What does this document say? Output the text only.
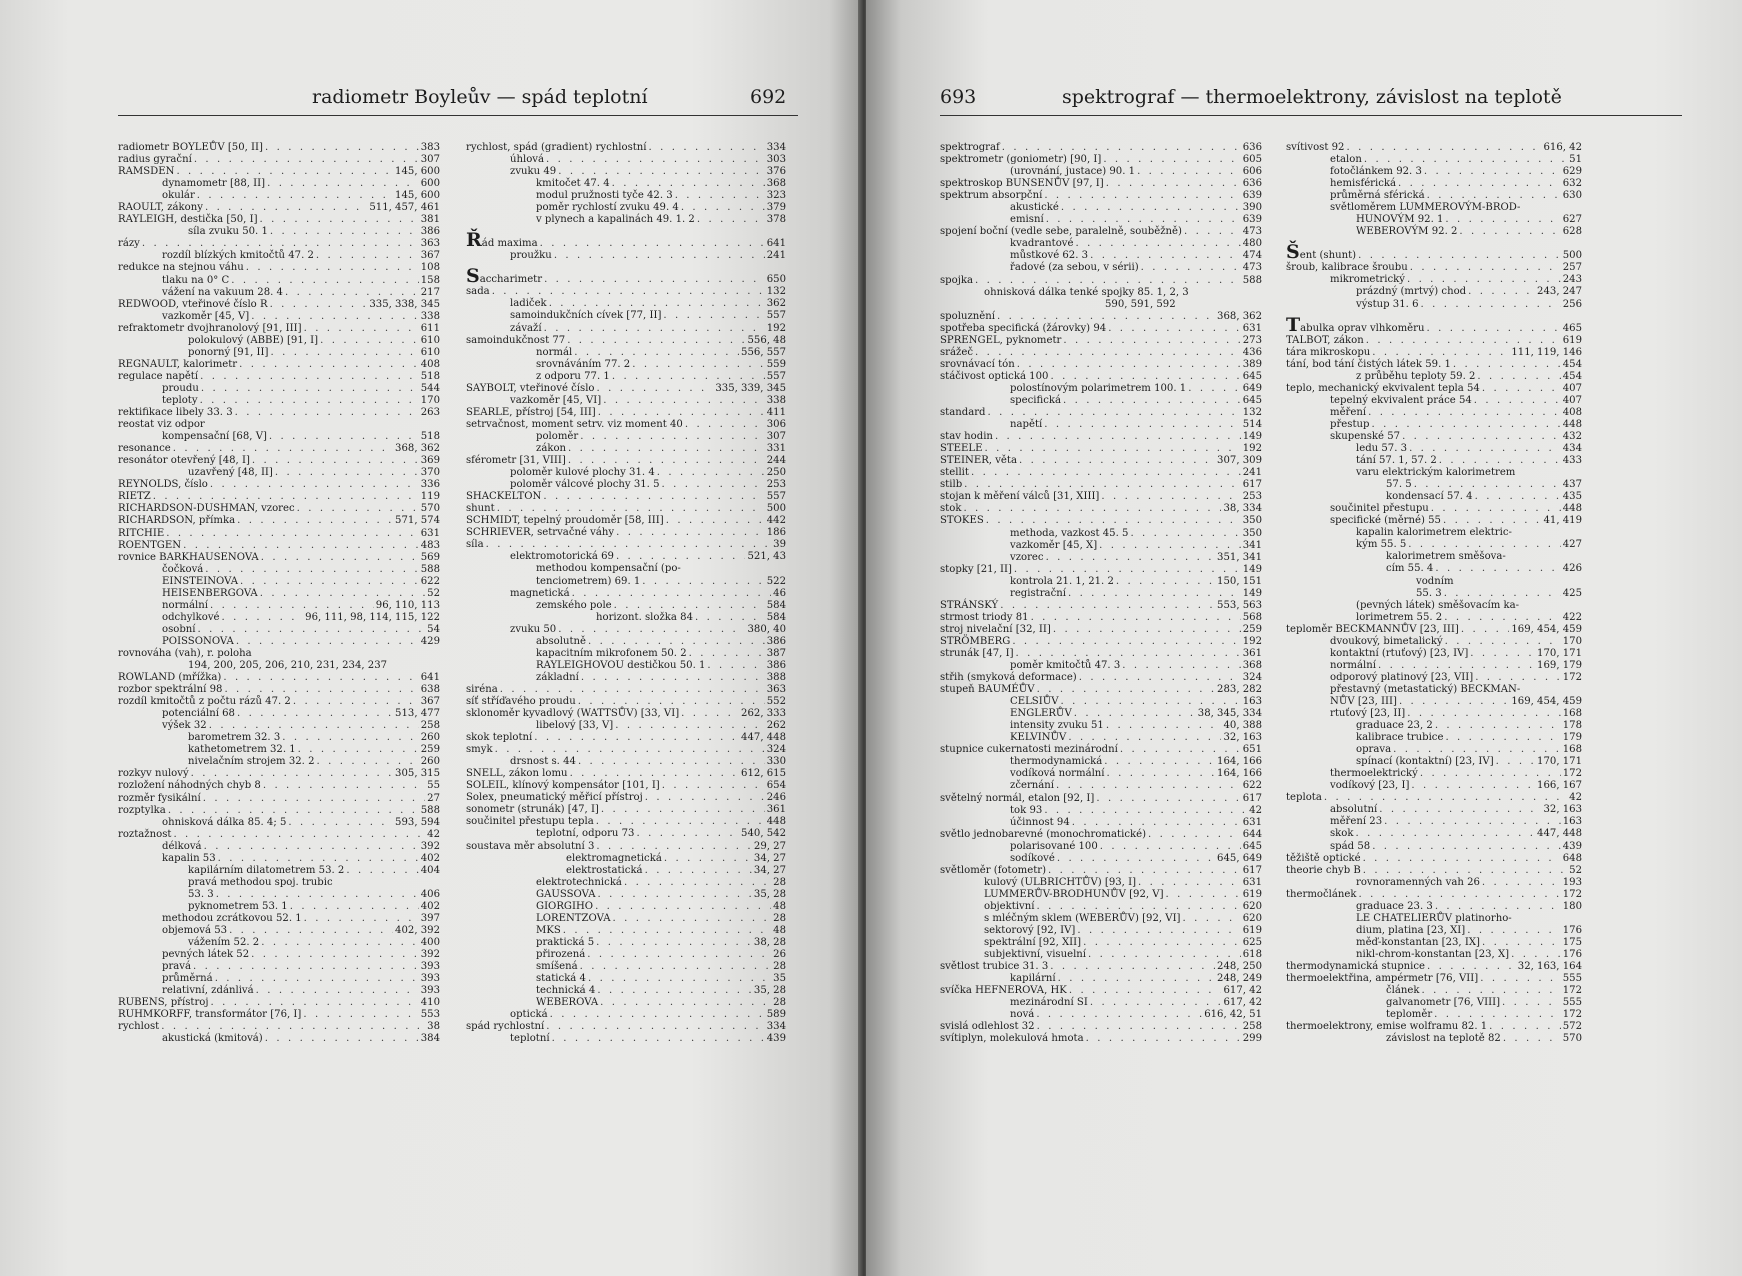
radiometr Boyleův — spád teplotní	692
radiometr BOYLEŮV [50, II] . . .	383
radius gyrační . . .	307
RAMSDEN . . .	145, 600
dynamometr [88, II] . . .	600
okulár . . .	145, 600
RAOULT, zákony . . .	511, 457, 461
RAYLEIGH, destička [50, I] . . .	381
síla zvuku 50. 1 . . .	386
rázy . . .	363
rozdíl blízkých kmitočtů 47. 2 . . .	367
redukce na stejnou váhu . . .	108
tlaku na 0° C . . .	158
vážení na vakuum 28. 4 . . .	217
REDWOOD, vteřinové číslo R . . .	335, 338, 345
vazkoměr [45, V] . . .	338
refraktometr dvojhranolový [91, III] . . .	611
polokulový (ABBE) [91, I] . . .	610
ponorný [91, II] . . .	610
REGNAULT, kalorimetr . . .	408
regulace napětí . . .	518
proudu . . .	544
teploty . . .	170
rektifikace libely 33. 3 . . .	263
reostat viz odpor
kompensační [68, V] . . .	518
resonance . . .	368, 362
resonátor otevřený [48, I] . . .	369
uzavřený [48, II] . . .	370
REYNOLDS, číslo . . .	336
RIETZ . . .	119
RICHARDSON-DUSHMAN, vzorec . . .	570
RICHARDSON, přímka . . .	571, 574
RITCHIE . . .	631
ROENTGEN . . .	483
rovnice BARKHAUSENOVA . . .	569
čočková . . .	588
EINSTEINOVA . . .	622
HEISENBERGOVA . . .	52
normální . . .	96, 110, 113
odchylkové . . .	96, 111, 98, 114, 115, 122
osobní . . .	54
POISSONOVA . . .	429
rovnováha (vah), r. poloha
194, 200, 205, 206, 210, 231, 234, 237
ROWLAND (mřížka) . . .	641
rozbor spektrální 98 . . .	638
rozdíl kmitočtů z počtu rázů 47. 2 . . .	367
potenciální 68 . . .	513, 477
výšek 32 . . .	258
barometrem 32. 3 . . .	260
kathetometrem 32. 1 . . .	259
nivelačním strojem 32. 2 . . .	260
rozkyv nulový . . .	305, 315
rozložení náhodných chyb 8 . . .	55
rozměr fysikální . . .	27
rozptylka . . .	588
ohnisková dálka 85. 4; 5 . . .	593, 594
roztažnost . . .	42
délková . . .	392
kapalin 53 . . .	402
kapilárním dilatometrem 53. 2 . . .	404
pravá methodou spoj. trubic
53. 3 . . .	406
pyknometrem 53. 1 . . .	402
methodou zcrátkovou 52. 1 . . .	397
objemová 53 . . .	402, 392
vážením 52. 2 . . .	400
pevných látek 52 . . .	392
pravá . . .	393
průměrná . . .	393
relativní, zdánlivá . . .	393
RUBENS, přístroj . . .	410
RUHMKORFF, transformátor [76, I] . . .	553
rychlost . . .	38
akustická (kmitová) . . .	384
rychlost, spád (gradient) rychlostní . . .	334
úhlová . . .	303
zvuku 49 . . .	376
kmitočet 47. 4 . . .	368
modul pružnosti tyče 42. 3 . . .	323
poměr rychlostí zvuku 49. 4 . . .	379
v plynech a kapalinách 49. 1. 2 . . .	378
Řád maxima . . .	641
proužku . . .	241
Saccharimetr . . .	650
sada . . .	132
ladiček . . .	362
samoindukčních cívek [77, II] . . .	557
závaží . . .	192
samoindukčnost 77 . . .	556, 48
normál . . .	556, 557
srovnáváním 77. 2 . . .	559
z odporu 77. 1 . . .	557
SAYBOLT, vteřinové číslo . . .	335, 339, 345
vazkoměr [45, VI] . . .	338
SEARLE, přístroj [54, III] . . .	411
setrvačnost, moment setrv. viz moment 40 . . .	306
poloměr . . .	307
zákon . . .	331
sférometr [31, VIII] . . .	244
poloměr kulové plochy 31. 4 . . .	250
poloměr válcové plochy 31. 5 . . .	253
SHACKELTON . . .	557
shunt . . .	500
SCHMIDT, tepelný proudoměr [58, III] . . .	442
SCHRIEVER, setrvačné váhy . . .	186
síla . . .	39
elektromotorická 69 . . .	521, 43
methodou kompensační (po-
tenciometrem) 69. 1 . . .	522
magnetická . . .	46
zemského pole . . .	584
horizont. složka 84 . . .	584
zvuku 50 . . .	380, 40
absolutně . . .	386
kapacitním mikrofonem 50. 2 . . .	387
RAYLEIGHOVOU destičkou 50. 1 . . .	386
základní . . .	388
siréna . . .	363
síť stříďavého proudu . . .	552
sklonoměr kyvadlový (WATTSŮV) [33, VI] . . .	262, 333
libelový [33, V] . . .	262
skok teplotní . . .	447, 448
smyk . . .	324
drsnost s. 44 . . .	330
SNELL, zákon lomu . . .	612, 615
SOLEIL, klínový kompensátor [101, I] . . .	654
Solex, pneumatický měřicí přístroj . . .	246
sonometr (strunák) [47, I] . . .	361
součinitel přestupu tepla . . .	448
teplotní, odporu 73 . . .	540, 542
soustava měr absolutní 3 . . .	29, 27
elektromagnetická . . .	34, 27
elektrostatická . . .	34, 27
elektrotechnická . . .	28
GAUSSOVA . . .	35, 28
GIORGIHO . . .	48
LORENTZOVA . . .	28
MKS . . .	48
praktická 5 . . .	38, 28
přirozená . . .	26
smíšená . . .	28
statická 4 . . .	35
technická 4 . . .	35, 28
WEBEROVA . . .	28
optická . . .	589
spád rychlostní . . .	334
teplotní . . .	439
693	spektrograf — thermoelektrony, závislost na teplotě
spektrograf . . .	636
spektrometr (goniometr) [90, I] . . .	605
(urovnání, justace) 90. 1 . . .	606
spektroskop BUNSENŮV [97, I] . . .	636
spektrum absorpční . . .	639
akustické . . .	390
emisní . . .	639
spojení boční (vedle sebe, paralelně, souběžně) . . .	473
kvadrantové . . .	480
můstkové 62. 3 . . .	474
řadové (za sebou, v sérii) . . .	473
spojka . . .	588
ohnisková dálka tenké spojky 85. 1, 2, 3
590, 591, 592
spoluznění . . .	368, 362
spotřeba specifická (žárovky) 94 . . .	631
SPRENGEL, pyknometr . . .	273
srážeč . . .	436
srovnávací tón . . .	389
stáčivost optická 100 . . .	645
polostínovým polarimetrem 100. 1 . . .	649
specifická . . .	645
standard . . .	132
napětí . . .	514
stav hodin . . .	149
STEELE . . .	192
STEINER, věta . . .	307, 309
stellit . . .	241
stilb . . .	617
stojan k měření válců [31, XIII] . . .	253
stok . . .	38, 334
STOKES . . .	350
methoda, vazkost 45. 5 . . .	350
vazkoměr [45, X] . . .	341
vzorec . . .	351, 341
stopky [21, II] . . .	149
kontrola 21. 1, 21. 2 . . .	150, 151
registrační . . .	149
STRÁNSKÝ . . .	553, 563
strmost triody 81 . . .	568
stroj nivelační [32, II] . . .	259
STRÖMBERG . . .	192
strunák [47, I] . . .	361
poměr kmitočtů 47. 3 . . .	368
střih (smyková deformace) . . .	324
stupeň BAUMÉŮV . . .	283, 282
CELSIŮV . . .	163
ENGLERŮV . . .	38, 345, 334
intensity zvuku 51 . . .	40, 388
KELVINŮV . . .	32, 163
stupnice cukernatosti mezinárodní . . .	651
thermodynamická . . .	164, 166
vodíková normální . . .	164, 166
zčernání . . .	622
světelný normál, etalon [92, I] . . .	617
tok 93 . . .	42
účinnost 94 . . .	631
světlo jednobarevné (monochromatické) . . .	644
polarisované 100 . . .	645
sodíkové . . .	645, 649
světloměr (fotometr) . . .	617
kulový (ULBRICHTŮV) [93, I] . . .	631
LUMMERŮV-BRODHUNŮV [92, V] . . .	619
objektivní . . .	620
s mléčným sklem (WEBERŮV) [92, VI] . . .	620
sektorový [92, IV] . . .	619
spektrální [92, XII] . . .	625
subjektivní, visuelní . . .	618
světlost trubice 31. 3 . . .	248, 250
kapilární . . .	248, 249
svíčka HEFNEROVA, HK . . .	617, 42
mezinárodní SI . . .	617, 42
nová . . .	616, 42, 51
svislá odlehlost 32 . . .	258
svítiplyn, molekulová hmota . . .	299
svítivost 92 . . .	616, 42
etalon . . .	51
fotočlánkem 92. 3 . . .	629
hemisférická . . .	632
průměrná sférická . . .	630
světloměrem LUMMEROVÝM-BROD-
HUNOVÝM 92. 1 . . .	627
WEBEROVÝM 92. 2 . . .	628
Šent (shunt) . . .	500
šroub, kalibrace šroubu . . .	257
mikrometrický . . .	243
prázdný (mrtvý) chod . . .	243, 247
výstup 31. 6 . . .	256
Tabulka oprav vlhkoměru . . .	465
TALBOT, zákon . . .	619
tára mikroskopu . . .	111, 119, 146
tání, bod tání čistých látek 59. 1 . . .	454
z průběhu teploty 59. 2 . . .	454
teplo, mechanický ekvivalent tepla 54 . . .	407
tepelný ekvivalent práce 54 . . .	407
měření . . .	408
přestup . . .	448
skupenské 57 . . .	432
ledu 57. 3 . . .	434
tání 57. 1, 57. 2 . . .	433
varu elektrickým kalorimetrem
57. 5 . . .	437
kondensací 57. 4 . . .	435
součinitel přestupu . . .	448
specifické (měrné) 55 . . .	41, 419
kapalin kalorimetrem elektric-
kým 55. 5 . . .	427
kalorimetrem směšova-
cím 55. 4 . . .	426
vodním
55. 3 . . .	425
(pevných látek) směšovacím ka-
lorimetrem 55. 2 . . .	422
teploměr BECKMANNŮV [23, III] . . .	169, 454, 459
dvoukový, bimetalický . . .	170
kontaktní (rtuťový) [23, IV] . . .	170, 171
normální . . .	169, 179
odporový platinový [23, VII] . . .	172
přestavný (metastatický) BECKMAN-
NŮV [23, III] . . .	169, 454, 459
rtuťový [23, II] . . .	168
graduace 23, 2 . . .	178
kalibrace trubice . . .	179
oprava . . .	168
spínací (kontaktní) [23, IV] . . .	170, 171
thermoelektrický . . .	172
vodíkový [23, I] . . .	166, 167
teplota . . .	42
absolutní . . .	32, 163
měření 23 . . .	163
skok . . .	447, 448
spád 58 . . .	439
těžiště optické . . .	648
theorie chyb B . . .	52
rovnoramenných vah 26 . . .	193
thermočlánek . . .	172
graduace 23. 3 . . .	180
LE CHATELIERŮV platinorho-
dium, platina [23, XI] . . .	176
měď-konstantan [23, IX] . . .	175
nikl-chrom-konstantan [23, X] . . .	176
thermodynamická stupnice . . .	32, 163, 164
thermoelektřina, ampérmetr [76, VII] . . .	555
článek . . .	172
galvanometr [76, VIII] . . .	555
teploměr . . .	172
thermoelektrony, emise wolframu 82. 1 . . .	572
závislost na teplotě 82 . . .	570
